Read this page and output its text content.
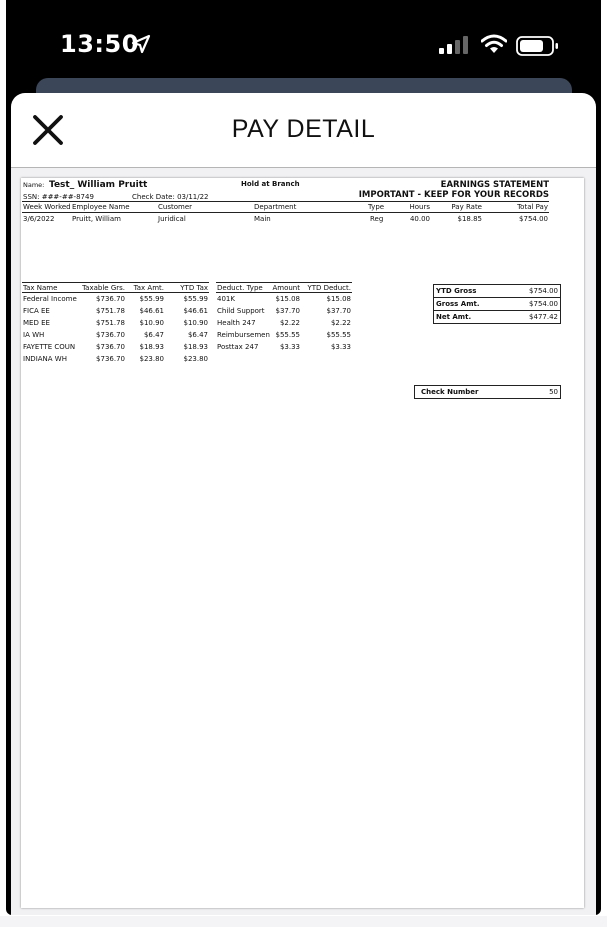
13:50
PAY DETAIL
Name: Test_ William Pruitt	Hold at Branch	EARNINGS STATEMENT
IMPORTANT - KEEP FOR YOUR RECORDS
SSN: ###-##-8749	Check Date: 03/11/22
Week Worked Employee Name	Customer	Department	Type	Hours	Pay Rate	Total Pay
3/6/2022	Pruitt, William	Juridical	Main	Reg	40.00	$18.85	$754.00
Tax Name	Taxable Grs.	Tax Amt.	YTD Tax
Federal Income	$736.70	$55.99	$55.99
FICA EE	$751.78	$46.61	$46.61
MED EE	$751.78	$10.90	$10.90
IA WH	$736.70	$6.47	$6.47
FAYETTE COUN	$736.70	$18.93	$18.93
INDIANA WH	$736.70	$23.80	$23.80
Deduct. Type	Amount	YTD Deduct.
401K	$15.08	$15.08
Child Support	$37.70	$37.70
Health 247	$2.22	$2.22
Reimbursemen $55.55	$55.55
Posttax 247	$3.33	$3.33
YTD Gross	$754.00
Gross Amt.	$754.00
Net Amt.	$477.42
Check Number	50
